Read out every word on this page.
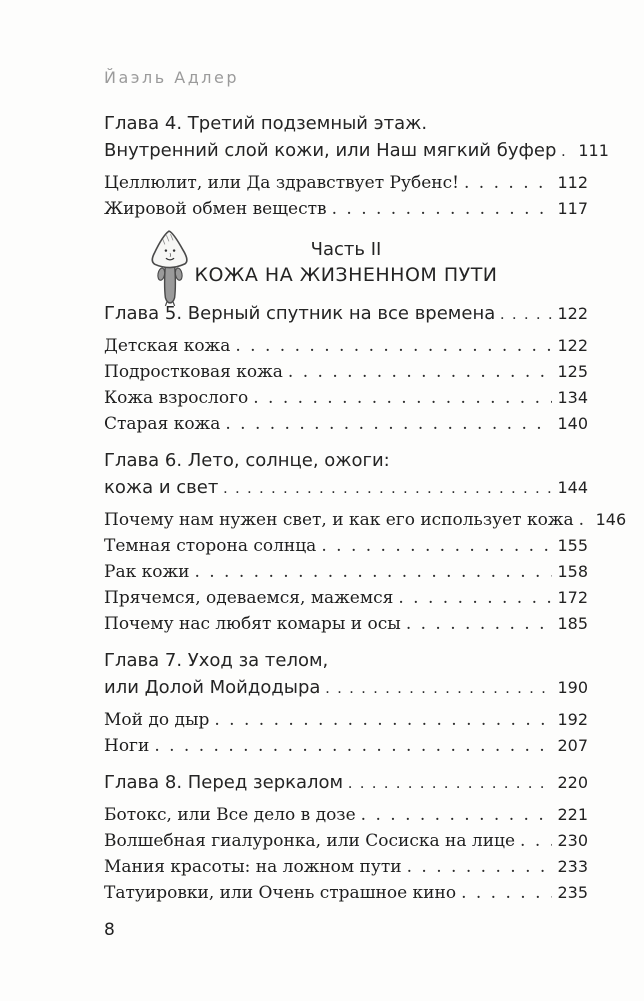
Йаэль Адлер
Глава 4. Третий подземный этаж.
Внутренний слой кожи, или Наш мягкий буфер . . . 111
Целлюлит, или Да здравствует Рубенс! . . .	112
Жировой обмен веществ . . .	117
Часть II
КОЖА НА ЖИЗНЕННОМ ПУТИ
Глава 5. Верный спутник на все времена . . .	122
Детская кожа . . .	122
Подростковая кожа . . .	125
Кожа взрослого . . .	134
Старая кожа . . .	140
Глава 6. Лето, солнце, ожоги:
кожа и свет . . .	144
Почему нам нужен свет, и как его использует кожа . . . 146
Темная сторона солнца . . .	155
Рак кожи . . .	158
Прячемся, одеваемся, мажемся . . .	172
Почему нас любят комары и осы . . .	185
Глава 7. Уход за телом,
или Долой Мойдодыра . . .	190
Мой до дыр . . .	192
Ноги . . .	207
Глава 8. Перед зеркалом . . .	220
Ботокс, или Все дело в дозе . . .	221
Волшебная гиалуронка, или Сосиска на лице . . .	230
Мания красоты: на ложном пути . . .	233
Татуировки, или Очень страшное кино . . .	235
8
